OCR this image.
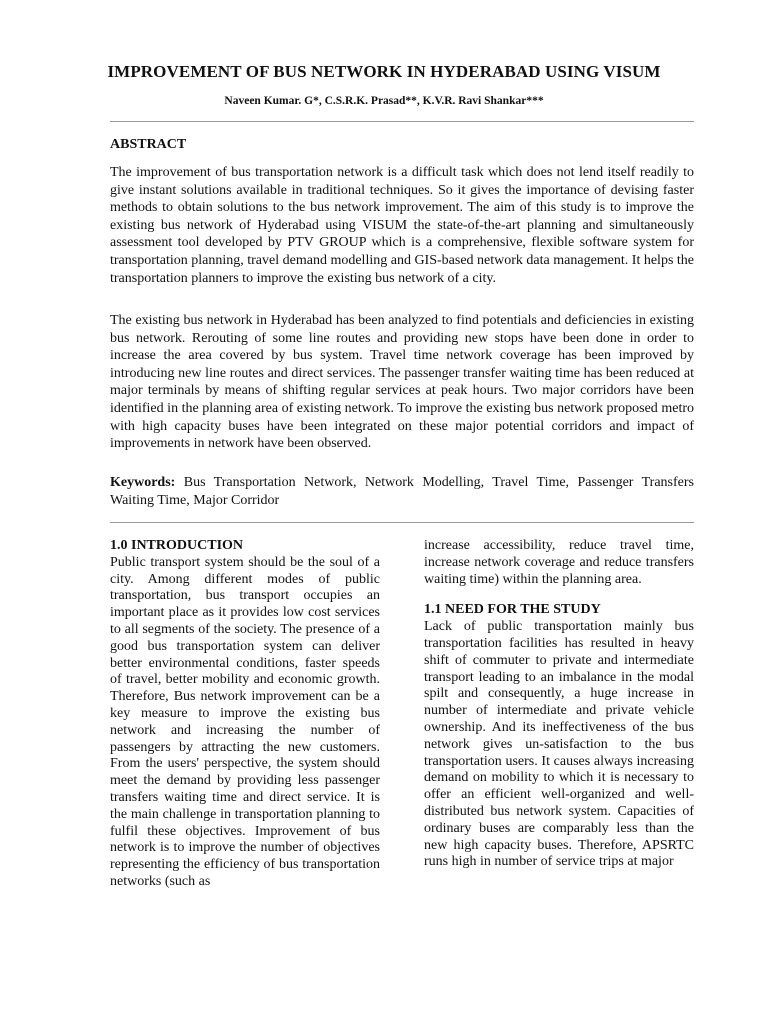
IMPROVEMENT OF BUS NETWORK IN HYDERABAD USING VISUM
Naveen Kumar. G*, C.S.R.K. Prasad**, K.V.R. Ravi Shankar***
ABSTRACT

The improvement of bus transportation network is a difficult task which does not lend itself readily to give instant solutions available in traditional techniques. So it gives the importance of devising faster methods to obtain solutions to the bus network improvement. The aim of this study is to improve the existing bus network of Hyderabad using VISUM the state-of-the-art planning and simultaneously assessment tool developed by PTV GROUP which is a comprehensive, flexible software system for transportation planning, travel demand modelling and GIS-based network data management. It helps the transportation planners to improve the existing bus network of a city.

The existing bus network in Hyderabad has been analyzed to find potentials and deficiencies in existing bus network. Rerouting of some line routes and providing new stops have been done in order to increase the area covered by bus system. Travel time network coverage has been improved by introducing new line routes and direct services. The passenger transfer waiting time has been reduced at major terminals by means of shifting regular services at peak hours. Two major corridors have been identified in the planning area of existing network. To improve the existing bus network proposed metro with high capacity buses have been integrated on these major potential corridors and impact of improvements in network have been observed.

Keywords: Bus Transportation Network, Network Modelling, Travel Time, Passenger Transfers Waiting Time, Major Corridor

1.0 INTRODUCTION

Public transport system should be the soul of a city. Among different modes of public transportation, bus transport occupies an important place as it provides low cost services to all segments of the society. The presence of a good bus transportation system can deliver better environmental conditions, faster speeds of travel, better mobility and economic growth. Therefore, Bus network improvement can be a key measure to improve the existing bus network and increasing the number of passengers by attracting the new customers. From the users' perspective, the system should meet the demand by providing less passenger transfers waiting time and direct service. It is the main challenge in transportation planning to fulfil these objectives. Improvement of bus network is to improve the number of objectives representing the efficiency of bus transportation networks (such as

increase accessibility, reduce travel time, increase network coverage and reduce transfers waiting time) within the planning area.

1.1 NEED FOR THE STUDY

Lack of public transportation mainly bus transportation facilities has resulted in heavy shift of commuter to private and intermediate transport leading to an imbalance in the modal spilt and consequently, a huge increase in number of intermediate and private vehicle ownership. And its ineffectiveness of the bus network gives un-satisfaction to the bus transportation users. It causes always increasing demand on mobility to which it is necessary to offer an efficient well-organized and well-distributed bus network system. Capacities of ordinary buses are comparably less than the new high capacity buses. Therefore, APSRTC runs high in number of service trips at major
